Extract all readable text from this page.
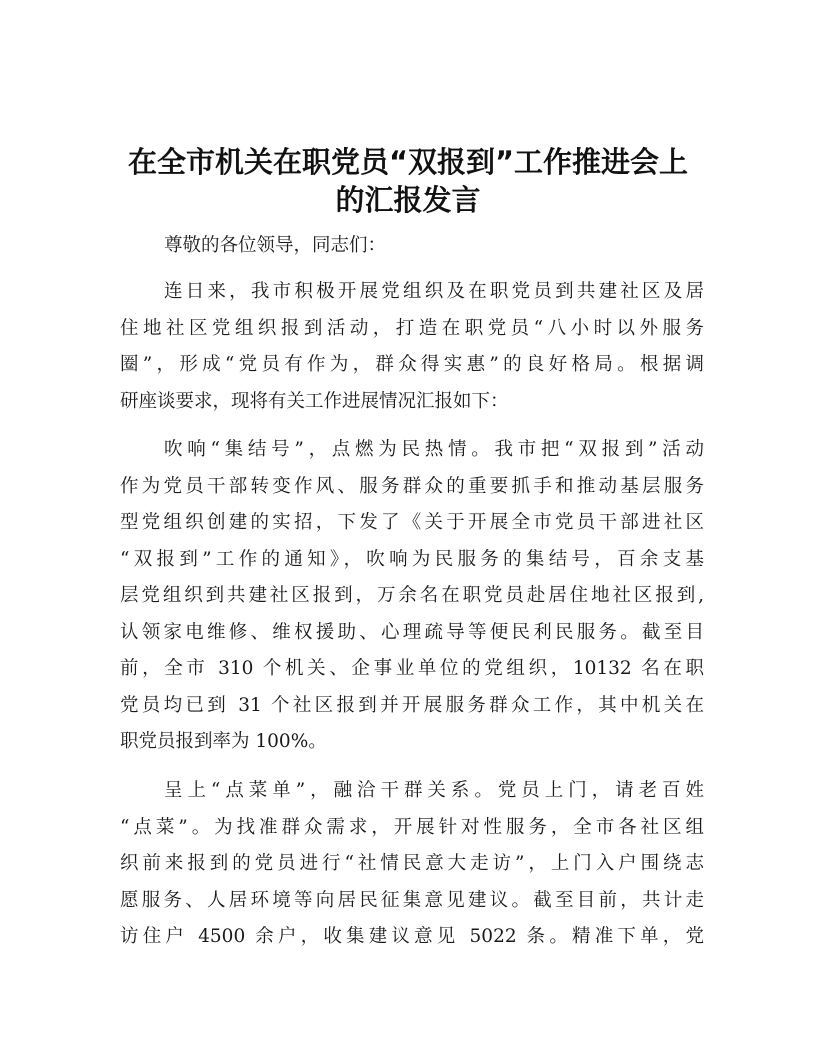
在全市机关在职党员“双报到”工作推进会上
的汇报发言
尊敬的各位领导，同志们：
连日来，我市积极开展党组织及在职党员到共建社区及居
住地社区党组织报到活动，打造在职党员“八小时以外服务
圈”，形成“党员有作为，群众得实惠”的良好格局。根据调
研座谈要求，现将有关工作进展情况汇报如下：
吹响“集结号”，点燃为民热情。我市把“双报到”活动
作为党员干部转变作风、服务群众的重要抓手和推动基层服务
型党组织创建的实招，下发了《关于开展全市党员干部进社区
“双报到”工作的通知》，吹响为民服务的集结号，百余支基
层党组织到共建社区报到，万余名在职党员赴居住地社区报到,
认领家电维修、维权援助、心理疏导等便民利民服务。截至目
前，全市 310 个机关、企事业单位的党组织，10132 名在职
党员均已到 31 个社区报到并开展服务群众工作，其中机关在
职党员报到率为 100%。
呈上“点菜单”，融洽干群关系。党员上门，请老百姓
“点菜”。为找准群众需求，开展针对性服务，全市各社区组
织前来报到的党员进行“社情民意大走访”，上门入户围绕志
愿服务、人居环境等向居民征集意见建议。截至目前，共计走
访住户 4500 余户，收集建议意见 5022 条。精准下单，党
